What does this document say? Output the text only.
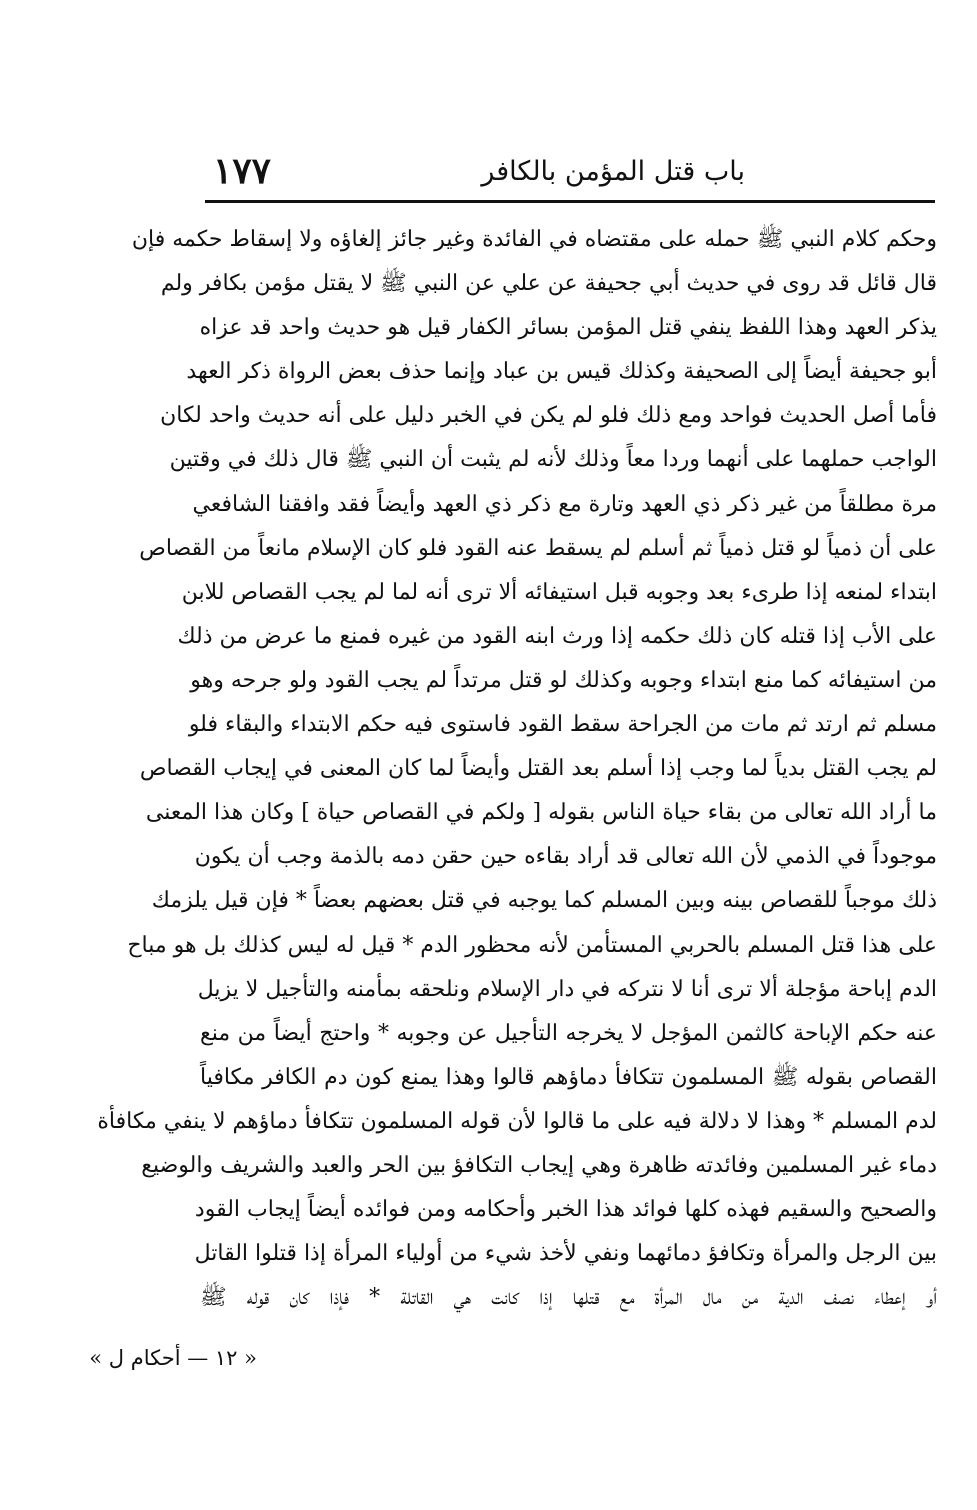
باب قتل المؤمن بالكافر
١٧٧
وحكم كلام النبي ﷺ حمله على مقتضاه في الفائدة وغير جائز إلغاؤه ولا إسقاط حكمه فإن
قال قائل قد روى في حديث أبي جحيفة عن علي عن النبي ﷺ لا يقتل مؤمن بكافر ولم
يذكر العهد وهذا اللفظ ينفي قتل المؤمن بسائر الكفار قيل هو حديث واحد قد عزاه
أبو جحيفة أيضاً إلى الصحيفة وكذلك قيس بن عباد وإنما حذف بعض الرواة ذكر العهد
فأما أصل الحديث فواحد ومع ذلك فلو لم يكن في الخبر دليل على أنه حديث واحد لكان
الواجب حملهما على أنهما وردا معاً وذلك لأنه لم يثبت أن النبي ﷺ قال ذلك في وقتين
مرة مطلقاً من غير ذكر ذي العهد وتارة مع ذكر ذي العهد وأيضاً فقد وافقنا الشافعي
على أن ذمياً لو قتل ذمياً ثم أسلم لم يسقط عنه القود فلو كان الإسلام مانعاً من القصاص
ابتداء لمنعه إذا طرىء بعد وجوبه قبل استيفائه ألا ترى أنه لما لم يجب القصاص للابن
على الأب إذا قتله كان ذلك حكمه إذا ورث ابنه القود من غيره فمنع ما عرض من ذلك
من استيفائه كما منع ابتداء وجوبه وكذلك لو قتل مرتداً لم يجب القود ولو جرحه وهو
مسلم ثم ارتد ثم مات من الجراحة سقط القود فاستوى فيه حكم الابتداء والبقاء فلو
لم يجب القتل بدياً لما وجب إذا أسلم بعد القتل وأيضاً لما كان المعنى في إيجاب القصاص
ما أراد الله تعالى من بقاء حياة الناس بقوله [ ولكم في القصاص حياة ] وكان هذا المعنى
موجوداً في الذمي لأن الله تعالى قد أراد بقاءه حين حقن دمه بالذمة وجب أن يكون
ذلك موجباً للقصاص بينه وبين المسلم كما يوجبه في قتل بعضهم بعضاً * فإن قيل يلزمك
على هذا قتل المسلم بالحربي المستأمن لأنه محظور الدم * قيل له ليس كذلك بل هو مباح
الدم إباحة مؤجلة ألا ترى أنا لا نتركه في دار الإسلام ونلحقه بمأمنه والتأجيل لا يزيل
عنه حكم الإباحة كالثمن المؤجل لا يخرجه التأجيل عن وجوبه * واحتج أيضاً من منع
القصاص بقوله ﷺ المسلمون تتكافأ دماؤهم قالوا وهذا يمنع كون دم الكافر مكافياً
لدم المسلم * وهذا لا دلالة فيه على ما قالوا لأن قوله المسلمون تتكافأ دماؤهم لا ينفي مكافأة
دماء غير المسلمين وفائدته ظاهرة وهي إيجاب التكافؤ بين الحر والعبد والشريف والوضيع
والصحيح والسقيم فهذه كلها فوائد هذا الخبر وأحكامه ومن فوائده أيضاً إيجاب القود
بين الرجل والمرأة وتكافؤ دمائهما ونفي لأخذ شيء من أولياء المرأة إذا قتلوا القاتل
أو إعطاء نصف الدية من مال المرأة مع قتلها إذا كانت هي القاتلة * فإذا كان قوله ﷺ
« ١٢ — أحكام ل »
